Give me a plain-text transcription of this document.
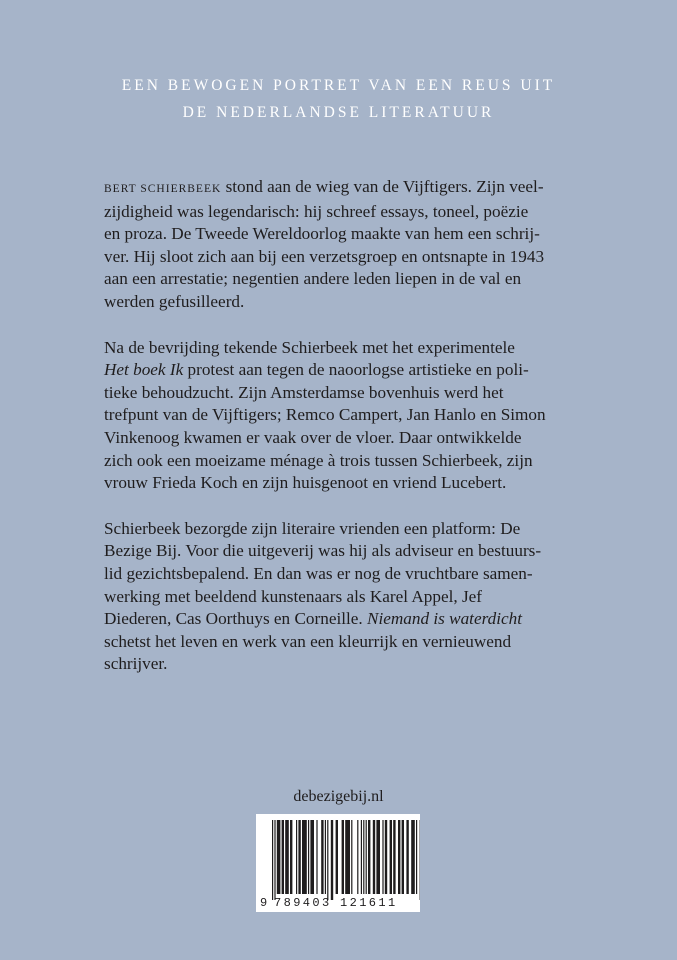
EEN BEWOGEN PORTRET VAN EEN REUS UIT
DE NEDERLANDSE LITERATUUR
BERT SCHIERBEEK stond aan de wieg van de Vijftigers. Zijn veel-
zijdigheid was legendarisch: hij schreef essays, toneel, poëzie
en proza. De Tweede Wereldoorlog maakte van hem een schrij-
ver. Hij sloot zich aan bij een verzetsgroep en ontsnapte in 1943
aan een arrestatie; negentien andere leden liepen in de val en
werden gefusilleerd.
Na de bevrijding tekende Schierbeek met het experimentele
Het boek Ik protest aan tegen de naoorlogse artistieke en poli-
tieke behoudzucht. Zijn Amsterdamse bovenhuis werd het
trefpunt van de Vijftigers; Remco Campert, Jan Hanlo en Simon
Vinkenoog kwamen er vaak over de vloer. Daar ontwikkelde
zich ook een moeizame ménage à trois tussen Schierbeek, zijn
vrouw Frieda Koch en zijn huisgenoot en vriend Lucebert.
Schierbeek bezorgde zijn literaire vrienden een platform: De
Bezige Bij. Voor die uitgeverij was hij als adviseur en bestuurs-
lid gezichtsbepalend. En dan was er nog de vruchtbare samen-
werking met beeldend kunstenaars als Karel Appel, Jef
Diederen, Cas Oorthuys en Corneille. Niemand is waterdicht
schetst het leven en werk van een kleurrijk en vernieuwend
schrijver.
debezigebij.nl
9 789403 121611
